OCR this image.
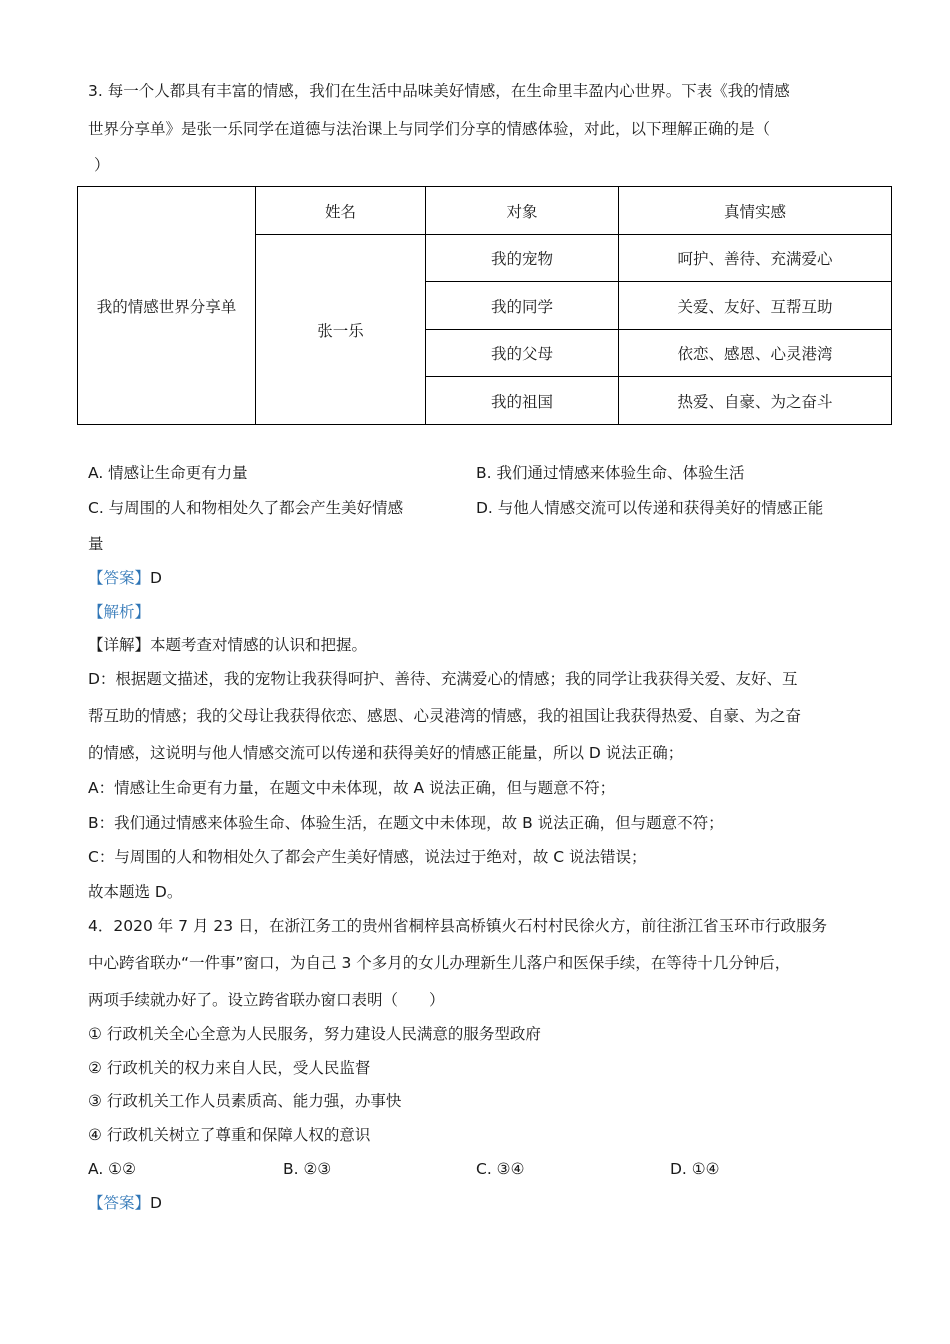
3. 每一个人都具有丰富的情感，我们在生活中品味美好情感，在生命里丰盈内心世界。下表《我的情感
世界分享单》是张一乐同学在道德与法治课上与同学们分享的情感体验，对此，以下理解正确的是（
）
我的情感世界分享单	姓名	对象	真情实感
	张一乐	我的宠物	呵护、善待、充满爱心
		我的同学	关爱、友好、互帮互助
		我的父母	依恋、感恩、心灵港湾
		我的祖国	热爱、自豪、为之奋斗
A. 情感让生命更有力量	B. 我们通过情感来体验生命、体验生活
C. 与周围的人和物相处久了都会产生美好情感	D. 与他人情感交流可以传递和获得美好的情感正能
量
【答案】D
【解析】
【详解】本题考查对情感的认识和把握。
D：根据题文描述，我的宠物让我获得呵护、善待、充满爱心的情感；我的同学让我获得关爱、友好、互
帮互助的情感；我的父母让我获得依恋、感恩、心灵港湾的情感，我的祖国让我获得热爱、自豪、为之奋
的情感，这说明与他人情感交流可以传递和获得美好的情感正能量，所以 D 说法正确；
A：情感让生命更有力量，在题文中未体现，故 A 说法正确，但与题意不符；
B：我们通过情感来体验生命、体验生活，在题文中未体现，故 B 说法正确，但与题意不符；
C：与周围的人和物相处久了都会产生美好情感，说法过于绝对，故 C 说法错误；
故本题选 D。
4．2020 年 7 月 23 日，在浙江务工的贵州省桐梓县高桥镇火石村村民徐火方，前往浙江省玉环市行政服务
中心跨省联办“一件事”窗口，为自己 3 个多月的女儿办理新生儿落户和医保手续，在等待十几分钟后，
两项手续就办好了。设立跨省联办窗口表明（　　）
① 行政机关全心全意为人民服务，努力建设人民满意的服务型政府
② 行政机关的权力来自人民，受人民监督
③ 行政机关工作人员素质高、能力强，办事快
④ 行政机关树立了尊重和保障人权的意识
A. ①②	B. ②③	C. ③④	D. ①④
【答案】D
